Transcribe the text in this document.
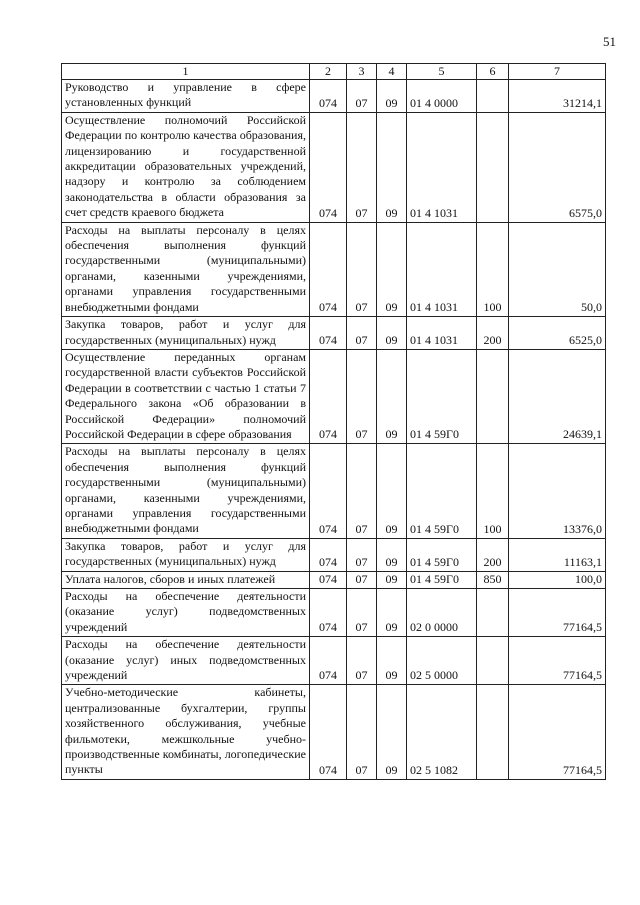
51
1	2	3	4	5	6	7
Руководство и управление в сфере установленных функций	074	07	09	01 4 0000		31214,1
Осуществление полномочий Российской Федерации по контролю качества образования, лицензированию и государственной аккредитации образовательных учреждений, надзору и контролю за соблюдением законодательства в области образования за счет средств краевого бюджета	074	07	09	01 4 1031		6575,0
Расходы на выплаты персоналу в целях обеспечения выполнения функций государственными (муниципальными) органами, казенными учреждениями, органами управления государственными внебюджетными фондами	074	07	09	01 4 1031	100	50,0
Закупка товаров, работ и услуг для государственных (муниципальных) нужд	074	07	09	01 4 1031	200	6525,0
Осуществление переданных органам государственной власти субъектов Российской Федерации в соответствии с частью 1 статьи 7 Федерального закона «Об образовании в Российской Федерации» полномочий Российской Федерации в сфере образования	074	07	09	01 4 59Г0		24639,1
Расходы на выплаты персоналу в целях обеспечения выполнения функций государственными (муниципальными) органами, казенными учреждениями, органами управления государственными внебюджетными фондами	074	07	09	01 4 59Г0	100	13376,0
Закупка товаров, работ и услуг для государственных (муниципальных) нужд	074	07	09	01 4 59Г0	200	11163,1
Уплата налогов, сборов и иных платежей	074	07	09	01 4 59Г0	850	100,0
Расходы на обеспечение деятельности (оказание услуг) подведомственных учреждений	074	07	09	02 0 0000		77164,5
Расходы на обеспечение деятельности (оказание услуг) иных подведомственных учреждений	074	07	09	02 5 0000		77164,5
Учебно-методические кабинеты, централизованные бухгалтерии, группы хозяйственного обслуживания, учебные фильмотеки, межшкольные учебно-производственные комбинаты, логопедические пункты	074	07	09	02 5 1082		77164,5
